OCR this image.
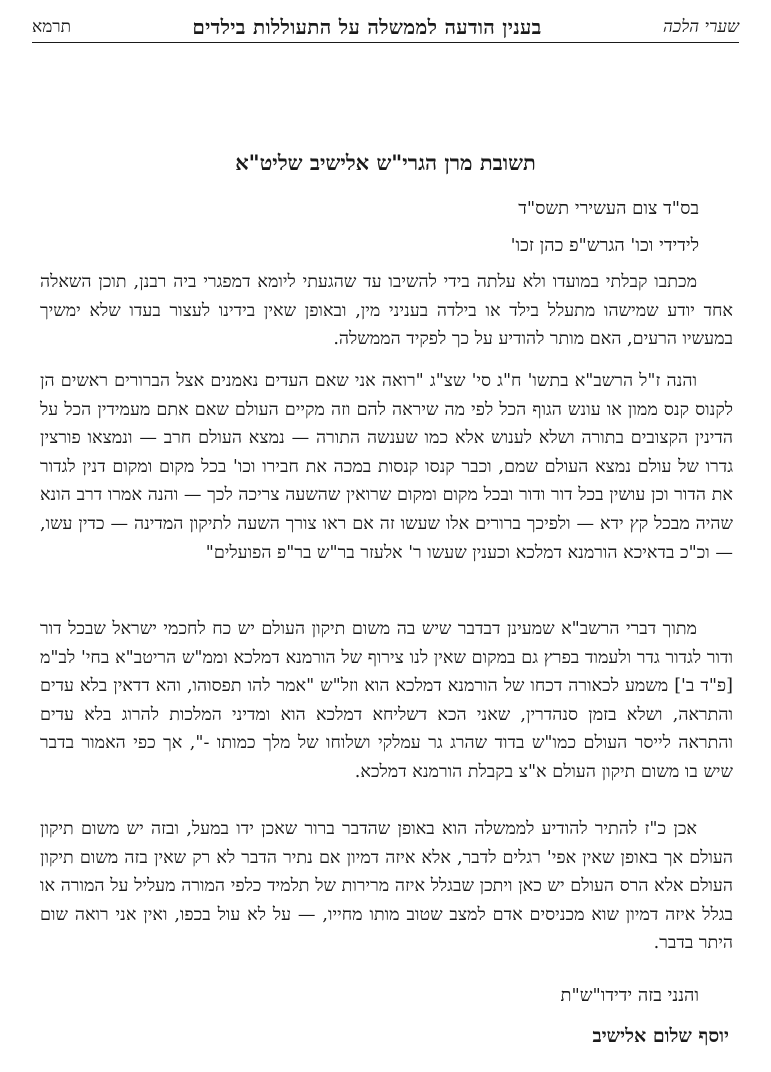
שערי הלכה
בענין הודעה לממשלה על התעוללות בילדים
תרמא
תשובת מרן הגרי"ש אלישיב שליט"א
בס"ד צום העשירי תשס"ד
לידידי וכו' הגרש"פ כהן זכו'

מכתבו קבלתי במועדו ולא עלתה בידי להשיבו עד שהגעתי ליומא דמפגרי ביה רבנן, תוכן השאלה אחד יודע שמישהו מתעלל בילד או בילדה בעניני מין, ובאופן שאין בידינו לעצור בעדו שלא ימשיך במעשיו הרעים, האם מותר להודיע על כך לפקיד הממשלה.

והנה ז"ל הרשב"א בתשו' ח"ג סי' שצ"ג "רואה אני שאם העדים נאמנים אצל הברורים ראשים הן לקנוס קנס ממון או עונש הגוף הכל לפי מה שיראה להם וזה מקיים העולם שאם אתם מעמידין הכל על הדינין הקצובים בתורה ושלא לענוש אלא כמו שענשה התורה — נמצא העולם חרב — ונמצאו פורצין גדרו של עולם נמצא העולם שמם, וכבר קנסו קנסות במכה את חבירו וכו' בכל מקום ומקום דנין לגדור את הדור וכן עושין בכל דור ודור ובכל מקום ומקום שרואין שהשעה צריכה לכך — והנה אמרו דרב הונא שהיה מבכל קץ ידא — ולפיכך ברורים אלו שעשו זה אם ראו צורך השעה לתיקון המדינה — כדין עשו, — וכ"כ בדאיכא הורמנא דמלכא וכענין שעשו ר' אלעזר בר"ש בר"פ הפועלים"

מתוך דברי הרשב"א שמעינן דבדבר שיש בה משום תיקון העולם יש כח לחכמי ישראל שבכל דור ודור לגדור גדר ולעמוד בפרץ גם במקום שאין לנו צירוף של הורמנא דמלכא וממ"ש הריטב"א בחי' לב"מ [פ"ד ב'] משמע לכאורה דכחו של הורמנא דמלכא הוא וזל"ש "אמר להו תפסוהו, והא דדאין בלא עדים והתראה, ושלא בזמן סנהדרין, שאני הכא דשליחא דמלכא הוא ומדיני המלכות להרוג בלא עדים והתראה לייסר העולם כמו"ש בדוד שהרג גר עמלקי ושלוחו של מלך כמותו -", אך כפי האמור בדבר שיש בו משום תיקון העולם א"צ בקבלת הורמנא דמלכא.

אכן כ"ז להתיר להודיע לממשלה הוא באופן שהדבר ברור שאכן ידו במעל, ובזה יש משום תיקון העולם אך באופן שאין אפי' רגלים לדבר, אלא איזה דמיון אם נתיר הדבר לא רק שאין בזה משום תיקון העולם אלא הרס העולם יש כאן ויתכן שבגלל איזה מרירות של תלמיד כלפי המורה מעליל על המורה או בגלל איזה דמיון שוא מכניסים אדם למצב שטוב מותו מחייו, — על לא עול בכפו, ואין אני רואה שום היתר בדבר.

והנני בזה ידידו"ש"ת
יוסף שלום אלישיב
